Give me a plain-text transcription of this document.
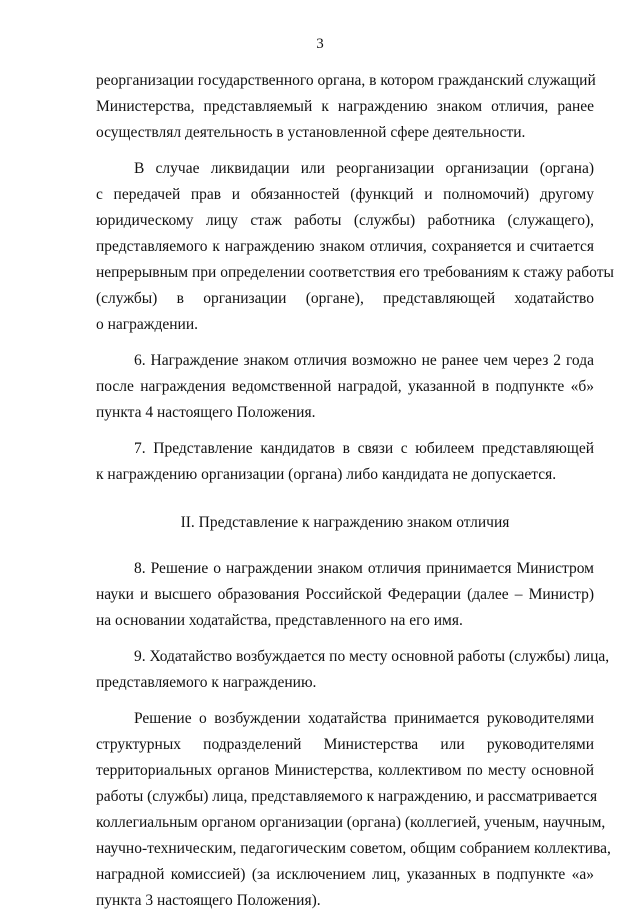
3
реорганизации государственного органа, в котором гражданский служащий
Министерства, представляемый к награждению знаком отличия, ранее
осуществлял деятельность в установленной сфере деятельности.
В случае ликвидации или реорганизации организации (органа)
с передачей прав и обязанностей (функций и полномочий) другому
юридическому лицу стаж работы (службы) работника (служащего),
представляемого к награждению знаком отличия, сохраняется и считается
непрерывным при определении соответствия его требованиям к стажу работы
(службы) в организации (органе), представляющей ходатайство
о награждении.
6. Награждение знаком отличия возможно не ранее чем через 2 года
после награждения ведомственной наградой, указанной в подпункте «б»
пункта 4 настоящего Положения.
7. Представление кандидатов в связи с юбилеем представляющей
к награждению организации (органа) либо кандидата не допускается.
II. Представление к награждению знаком отличия
8. Решение о награждении знаком отличия принимается Министром
науки и высшего образования Российской Федерации (далее – Министр)
на основании ходатайства, представленного на его имя.
9. Ходатайство возбуждается по месту основной работы (службы) лица,
представляемого к награждению.
Решение о возбуждении ходатайства принимается руководителями
структурных подразделений Министерства или руководителями
территориальных органов Министерства, коллективом по месту основной
работы (службы) лица, представляемого к награждению, и рассматривается
коллегиальным органом организации (органа) (коллегией, ученым, научным,
научно-техническим, педагогическим советом, общим собранием коллектива,
наградной комиссией) (за исключением лиц, указанных в подпункте «а»
пункта 3 настоящего Положения).
